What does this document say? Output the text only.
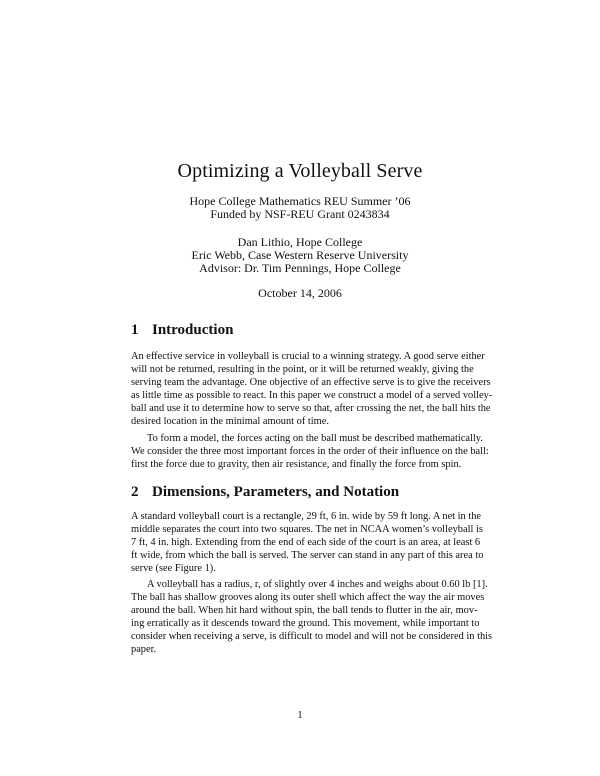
Optimizing a Volleyball Serve
Hope College Mathematics REU Summer ’06
Funded by NSF-REU Grant 0243834
Dan Lithio, Hope College
Eric Webb, Case Western Reserve University
Advisor: Dr. Tim Pennings, Hope College
October 14, 2006
1 Introduction
An effective service in volleyball is crucial to a winning strategy. A good serve either
will not be returned, resulting in the point, or it will be returned weakly, giving the
serving team the advantage. One objective of an effective serve is to give the receivers
as little time as possible to react. In this paper we construct a model of a served volley-
ball and use it to determine how to serve so that, after crossing the net, the ball hits the
desired location in the minimal amount of time.
To form a model, the forces acting on the ball must be described mathematically.
We consider the three most important forces in the order of their influence on the ball:
first the force due to gravity, then air resistance, and finally the force from spin.
2 Dimensions, Parameters, and Notation
A standard volleyball court is a rectangle, 29 ft, 6 in. wide by 59 ft long. A net in the
middle separates the court into two squares. The net in NCAA women’s volleyball is
7 ft, 4 in. high. Extending from the end of each side of the court is an area, at least 6
ft wide, from which the ball is served. The server can stand in any part of this area to
serve (see Figure 1).
A volleyball has a radius, r, of slightly over 4 inches and weighs about 0.60 lb [1].
The ball has shallow grooves along its outer shell which affect the way the air moves
around the ball. When hit hard without spin, the ball tends to flutter in the air, mov-
ing erratically as it descends toward the ground. This movement, while important to
consider when receiving a serve, is difficult to model and will not be considered in this
paper.
1
